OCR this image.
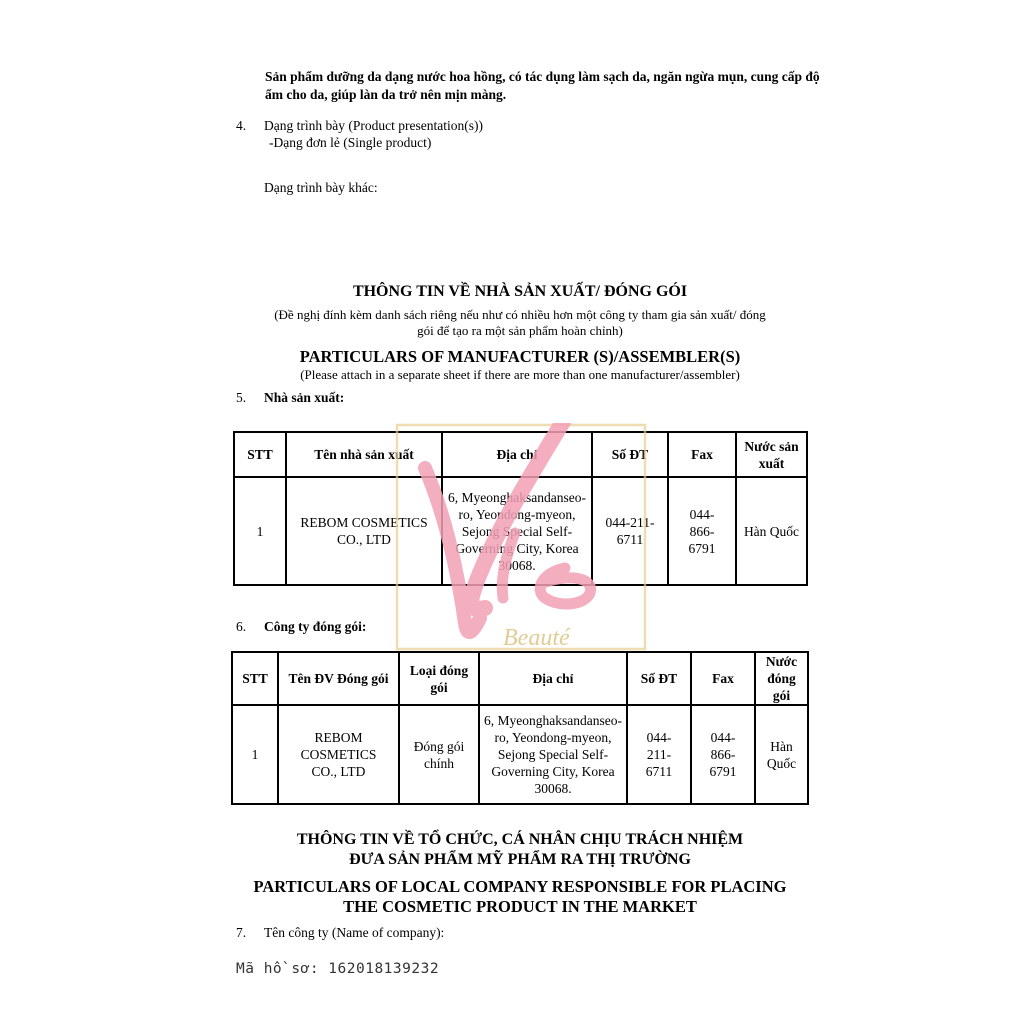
Sản phẩm dưỡng da dạng nước hoa hồng, có tác dụng làm sạch da, ngăn ngừa mụn, cung cấp độ ẩm cho da, giúp làn da trở nên mịn màng.
4. Dạng trình bày (Product presentation(s))
-Dạng đơn lẻ (Single product)
Dạng trình bày khác:
THÔNG TIN VỀ NHÀ SẢN XUẤT/ ĐÓNG GÓI
(Đề nghị đính kèm danh sách riêng nếu như có nhiều hơn một công ty tham gia sản xuất/ đóng
gói để tạo ra một sản phẩm hoàn chỉnh)
PARTICULARS OF MANUFACTURER (S)/ASSEMBLER(S)
(Please attach in a separate sheet if there are more than one manufacturer/assembler)
5. Nhà sản xuất:
STT	Tên nhà sản xuất	Địa chỉ	Số ĐT	Fax	Nước sản xuất
1	REBOM COSMETICS CO., LTD	6, Myeonghaksandanseo-ro, Yeondong-myeon, Sejong Special Self-Governing City, Korea 30068.	044-211-6711	044-866-6791	Hàn Quốc
6. Công ty đóng gói:
STT	Tên ĐV Đóng gói	Loại đóng gói	Địa chỉ	Số ĐT	Fax	Nước đóng gói
1	REBOM COSMETICS CO., LTD	Đóng gói chính	6, Myeonghaksandanseo-ro, Yeondong-myeon, Sejong Special Self-Governing City, Korea 30068.	044-211-6711	044-866-6791	Hàn Quốc
THÔNG TIN VỀ TỔ CHỨC, CÁ NHÂN CHỊU TRÁCH NHIỆM
ĐƯA SẢN PHẨM MỸ PHẨM RA THỊ TRƯỜNG
PARTICULARS OF LOCAL COMPANY RESPONSIBLE FOR PLACING
THE COSMETIC PRODUCT IN THE MARKET
7. Tên công ty (Name of company):
Mã hồ sơ: 162018139232
Vie
Beauté
